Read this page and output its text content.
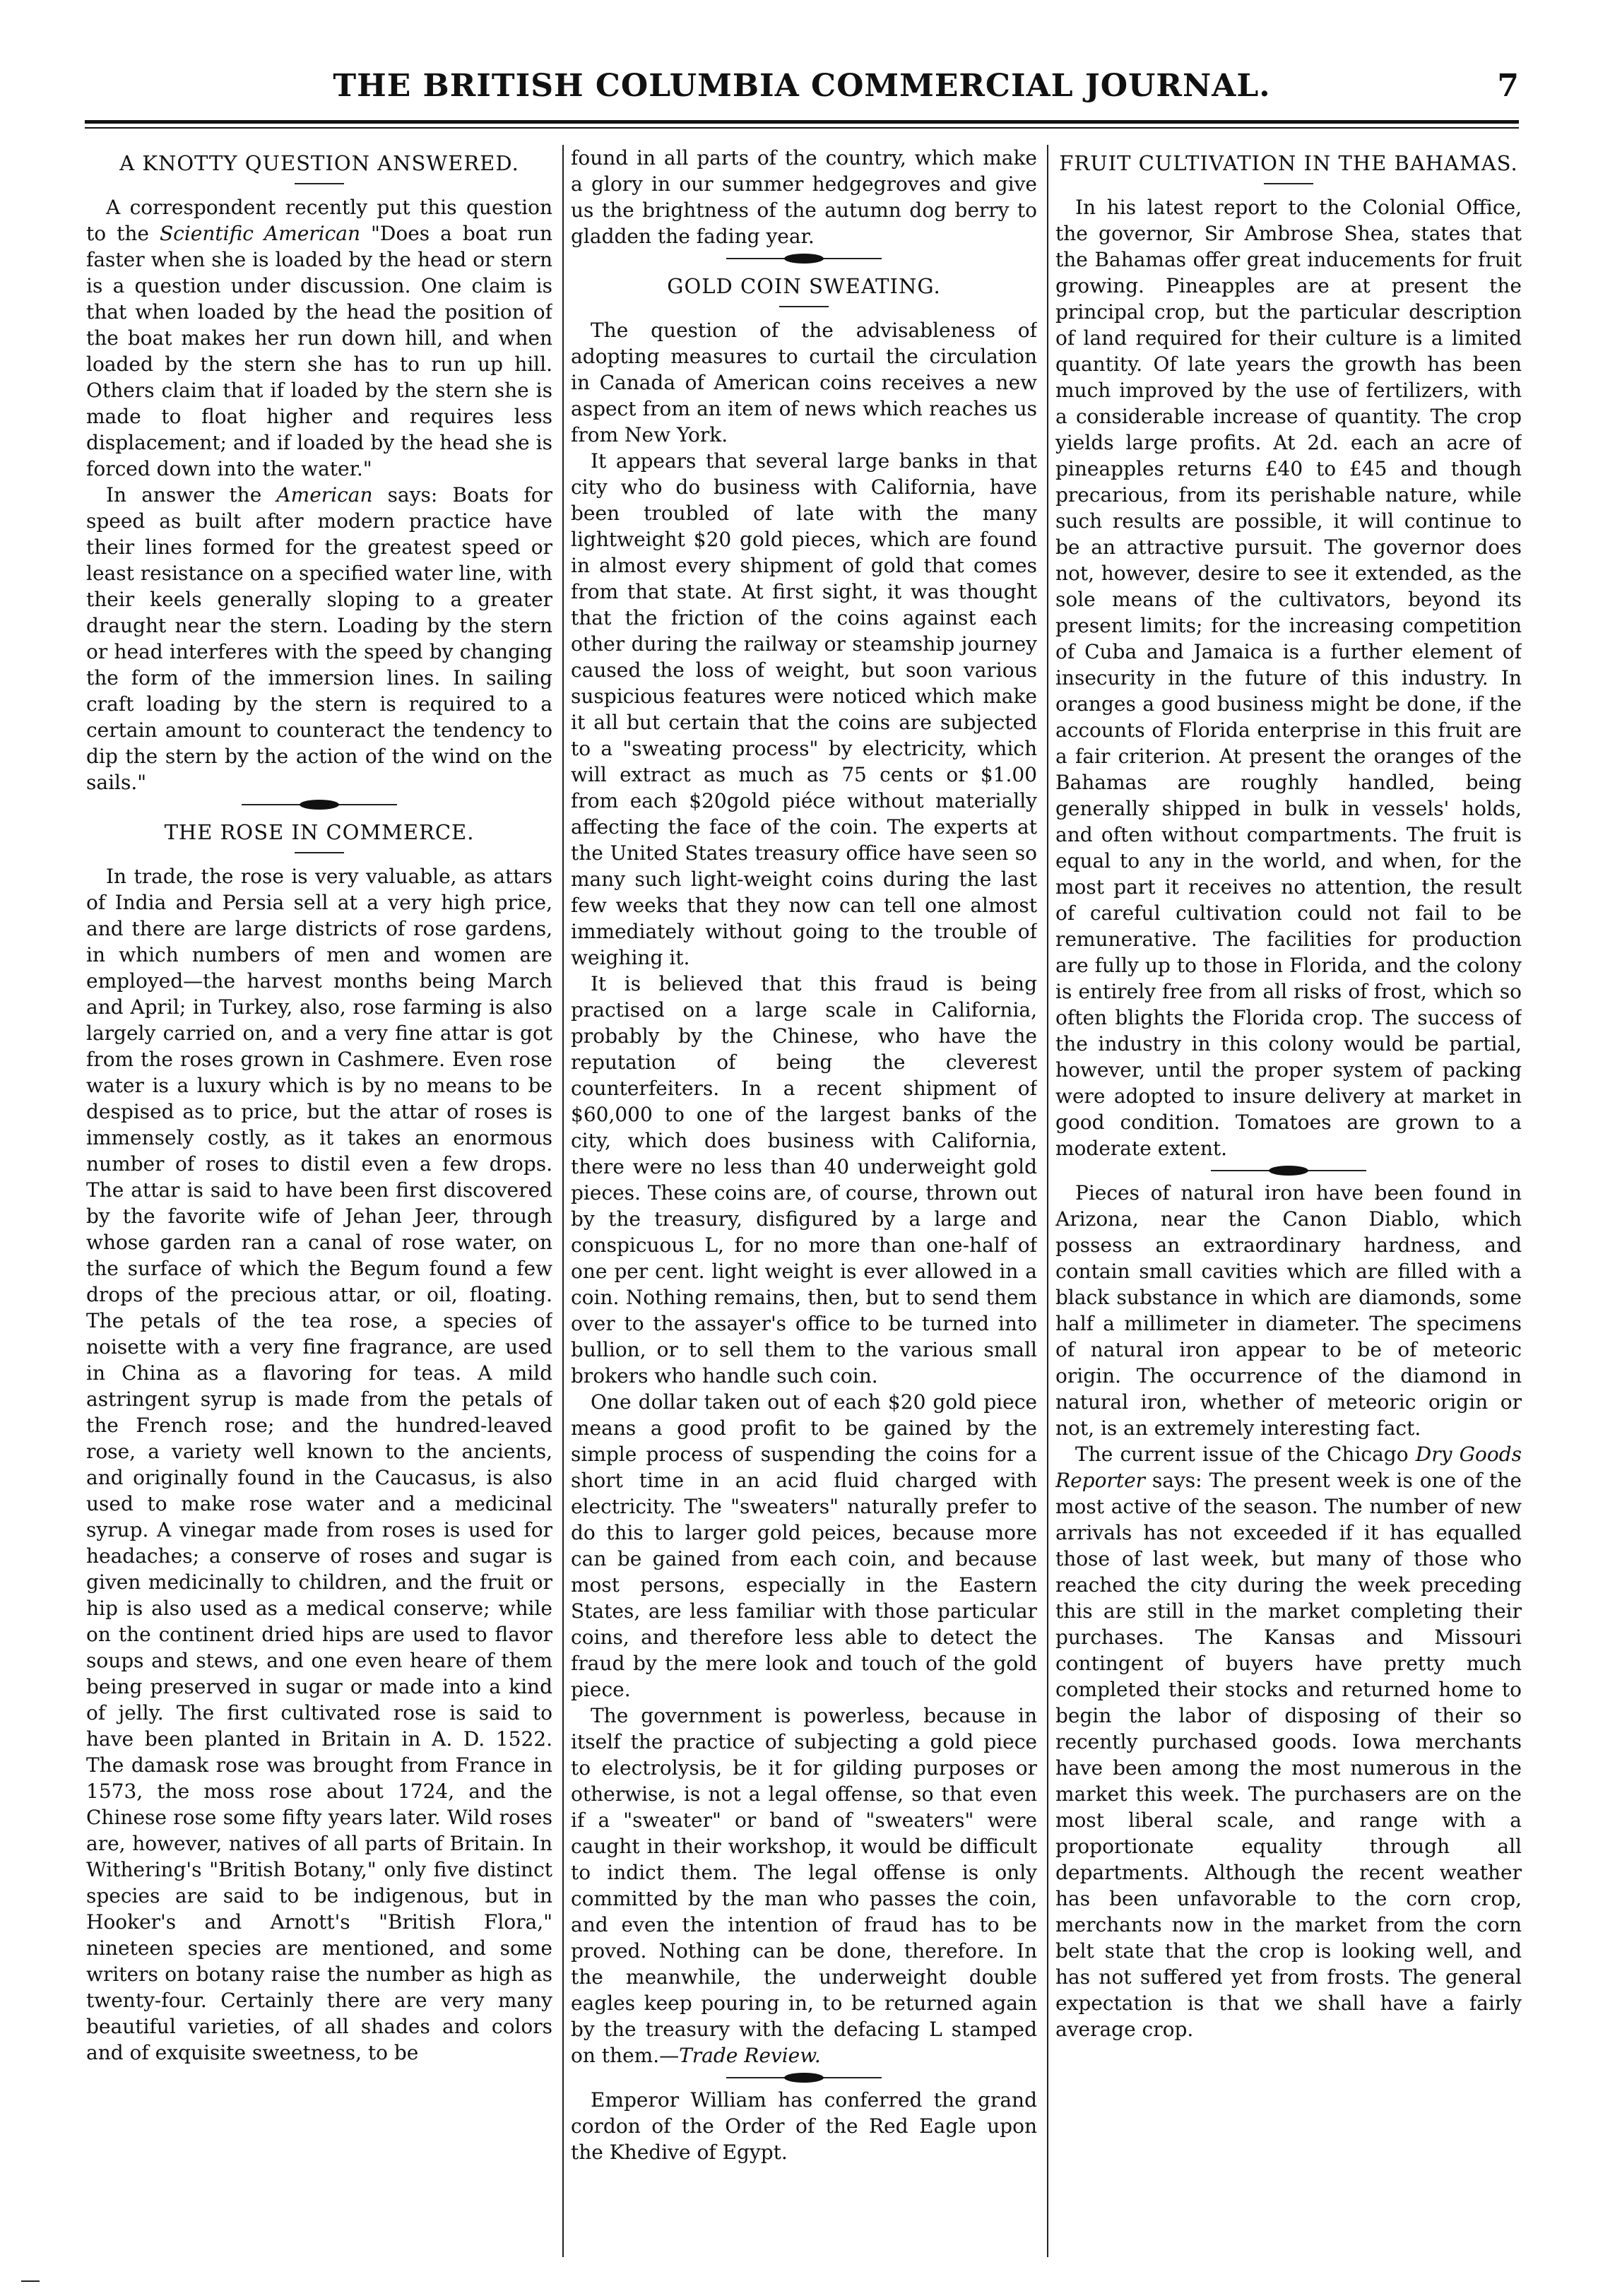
THE BRITISH COLUMBIA COMMERCIAL JOURNAL.	7
A KNOTTY QUESTION ANSWERED.

A correspondent recently put this question to the Scientific American "Does a boat run faster when she is loaded by the head or stern is a question under discussion. One claim is that when loaded by the head the position of the boat makes her run down hill, and when loaded by the stern she has to run up hill. Others claim that if loaded by the stern she is made to float higher and requires less displacement; and if loaded by the head she is forced down into the water."

In answer the American says: Boats for speed as built after modern practice have their lines formed for the greatest speed or least resistance on a specified water line, with their keels generally sloping to a greater draught near the stern. Loading by the stern or head interferes with the speed by changing the form of the immersion lines. In sailing craft loading by the stern is required to a certain amount to counteract the tendency to dip the stern by the action of the wind on the sails."

THE ROSE IN COMMERCE.

In trade, the rose is very valuable, as attars of India and Persia sell at a very high price, and there are large districts of rose gardens, in which numbers of men and women are employed—the harvest months being March and April; in Turkey, also, rose farming is also largely carried on, and a very fine attar is got from the roses grown in Cashmere. Even rose water is a luxury which is by no means to be despised as to price, but the attar of roses is immensely costly, as it takes an enormous number of roses to distil even a few drops. The attar is said to have been first discovered by the favorite wife of Jehan Jeer, through whose garden ran a canal of rose water, on the surface of which the Begum found a few drops of the precious attar, or oil, floating. The petals of the tea rose, a species of noisette with a very fine fragrance, are used in China as a flavoring for teas. A mild astringent syrup is made from the petals of the French rose; and the hundred-leaved rose, a variety well known to the ancients, and originally found in the Caucasus, is also used to make rose water and a medicinal syrup. A vinegar made from roses is used for headaches; a conserve of roses and sugar is given medicinally to children, and the fruit or hip is also used as a medical conserve; while on the continent dried hips are used to flavor soups and stews, and one even heare of them being preserved in sugar or made into a kind of jelly. The first cultivated rose is said to have been planted in Britain in A. D. 1522. The damask rose was brought from France in 1573, the moss rose about 1724, and the Chinese rose some fifty years later. Wild roses are, however, natives of all parts of Britain. In Withering's "British Botany," only five distinct species are said to be indigenous, but in Hooker's and Arnott's "British Flora," nineteen species are mentioned, and some writers on botany raise the number as high as twenty-four. Certainly there are very many beautiful varieties, of all shades and colors and of exquisite sweetness, to be

found in all parts of the country, which make a glory in our summer hedgegroves and give us the brightness of the autumn dog berry to gladden the fading year.

GOLD COIN SWEATING.

The question of the advisableness of adopting measures to curtail the circulation in Canada of American coins receives a new aspect from an item of news which reaches us from New York.

It appears that several large banks in that city who do business with California, have been troubled of late with the many lightweight $20 gold pieces, which are found in almost every shipment of gold that comes from that state. At first sight, it was thought that the friction of the coins against each other during the railway or steamship journey caused the loss of weight, but soon various suspicious features were noticed which make it all but certain that the coins are subjected to a "sweating process" by electricity, which will extract as much as 75 cents or $1.00 from each $20gold piéce without materially affecting the face of the coin. The experts at the United States treasury office have seen so many such light-weight coins during the last few weeks that they now can tell one almost immediately without going to the trouble of weighing it.

It is believed that this fraud is being practised on a large scale in California, probably by the Chinese, who have the reputation of being the cleverest counterfeiters. In a recent shipment of $60,000 to one of the largest banks of the city, which does business with California, there were no less than 40 underweight gold pieces. These coins are, of course, thrown out by the treasury, disfigured by a large and conspicuous L, for no more than one-half of one per cent. light weight is ever allowed in a coin. Nothing remains, then, but to send them over to the assayer's office to be turned into bullion, or to sell them to the various small brokers who handle such coin.

One dollar taken out of each $20 gold piece means a good profit to be gained by the simple process of suspending the coins for a short time in an acid fluid charged with electricity. The "sweaters" naturally prefer to do this to larger gold peices, because more can be gained from each coin, and because most persons, especially in the Eastern States, are less familiar with those particular coins, and therefore less able to detect the fraud by the mere look and touch of the gold piece.

The government is powerless, because in itself the practice of subjecting a gold piece to electrolysis, be it for gilding purposes or otherwise, is not a legal offense, so that even if a "sweater" or band of "sweaters" were caught in their workshop, it would be difficult to indict them. The legal offense is only committed by the man who passes the coin, and even the intention of fraud has to be proved. Nothing can be done, therefore. In the meanwhile, the underweight double eagles keep pouring in, to be returned again by the treasury with the defacing L stamped on them.—Trade Review.

Emperor William has conferred the grand cordon of the Order of the Red Eagle upon the Khedive of Egypt.

FRUIT CULTIVATION IN THE BAHAMAS.

In his latest report to the Colonial Office, the governor, Sir Ambrose Shea, states that the Bahamas offer great inducements for fruit growing. Pineapples are at present the principal crop, but the particular description of land required for their culture is a limited quantity. Of late years the growth has been much improved by the use of fertilizers, with a considerable increase of quantity. The crop yields large profits. At 2d. each an acre of pineapples returns £40 to £45 and though precarious, from its perishable nature, while such results are possible, it will continue to be an attractive pursuit. The governor does not, however, desire to see it extended, as the sole means of the cultivators, beyond its present limits; for the increasing competition of Cuba and Jamaica is a further element of insecurity in the future of this industry. In oranges a good business might be done, if the accounts of Florida enterprise in this fruit are a fair criterion. At present the oranges of the Bahamas are roughly handled, being generally shipped in bulk in vessels' holds, and often without compartments. The fruit is equal to any in the world, and when, for the most part it receives no attention, the result of careful cultivation could not fail to be remunerative. The facilities for production are fully up to those in Florida, and the colony is entirely free from all risks of frost, which so often blights the Florida crop. The success of the industry in this colony would be partial, however, until the proper system of packing were adopted to insure delivery at market in good condition. Tomatoes are grown to a moderate extent.

Pieces of natural iron have been found in Arizona, near the Canon Diablo, which possess an extraordinary hardness, and contain small cavities which are filled with a black substance in which are diamonds, some half a millimeter in diameter. The specimens of natural iron appear to be of meteoric origin. The occurrence of the diamond in natural iron, whether of meteoric origin or not, is an extremely interesting fact.

The current issue of the Chicago Dry Goods Reporter says: The present week is one of the most active of the season. The number of new arrivals has not exceeded if it has equalled those of last week, but many of those who reached the city during the week preceding this are still in the market completing their purchases. The Kansas and Missouri contingent of buyers have pretty much completed their stocks and returned home to begin the labor of disposing of their so recently purchased goods. Iowa merchants have been among the most numerous in the market this week. The purchasers are on the most liberal scale, and range with a proportionate equality through all departments. Although the recent weather has been unfavorable to the corn crop, merchants now in the market from the corn belt state that the crop is looking well, and has not suffered yet from frosts. The general expectation is that we shall have a fairly average crop.
